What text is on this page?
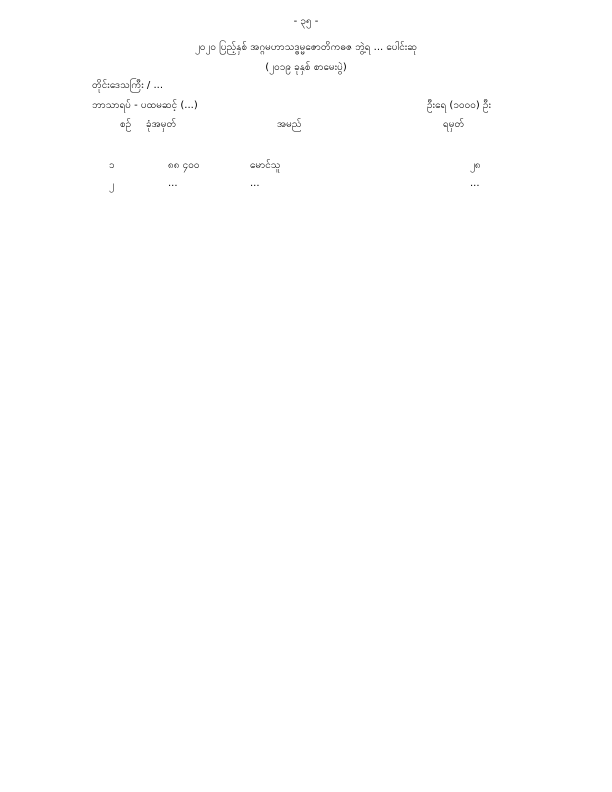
- ၃၅ -
၂၀၂၀ ပြည့်နှစ် အဂ္ဂမဟာသဒ္ဓမ္မဇောတိကဓဇ ဘွဲ့ရ ... ပေါင်းဆု
(၂၀၁၉ ခုနှစ် စာမေးပွဲ)
တိုင်းဒေသကြီး / ...
ဘာသာရပ် - ပထမဆင့် (...)	ဦးရေ (၁၀၀၀) ဦး
စဉ် ခုံအမှတ်	အမည်	ရမှတ်
၁	၈၈ ၄၀၀	မောင်သူ	၂၈
၂	...	...	...
